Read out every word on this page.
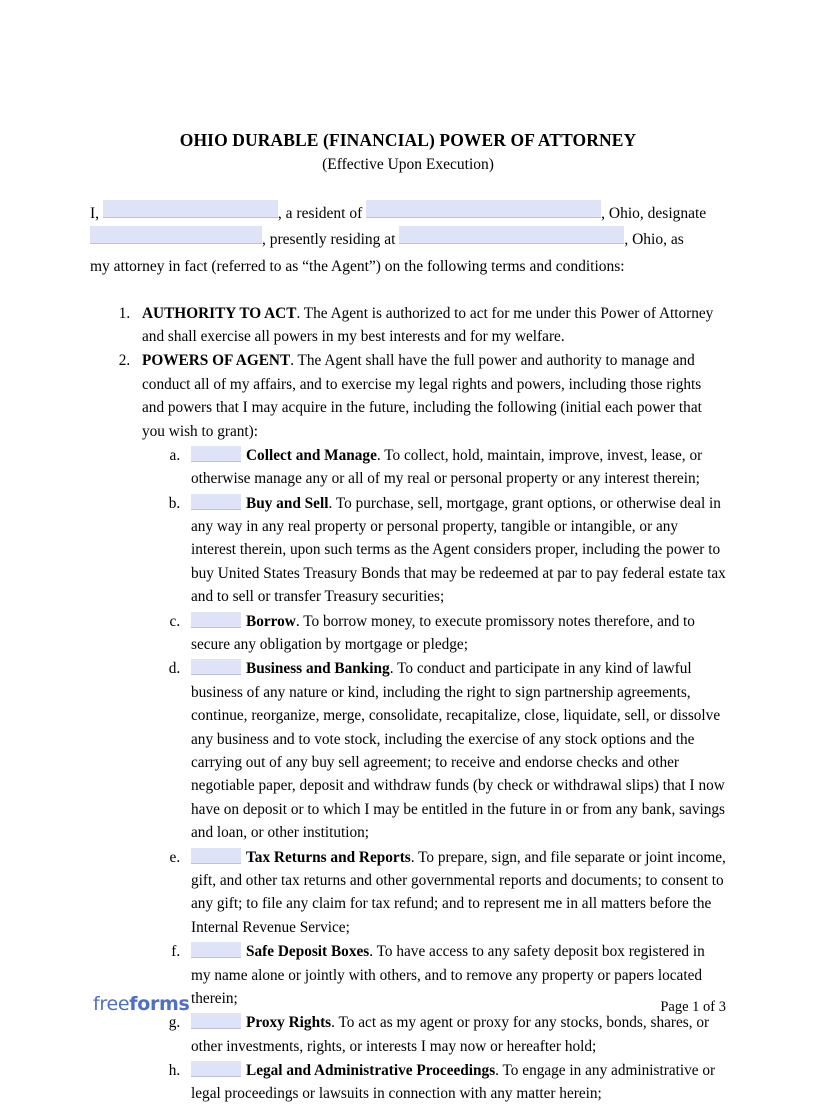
OHIO DURABLE (FINANCIAL) POWER OF ATTORNEY

(Effective Upon Execution)

I,
	, a resident of
	, Ohio, designate
, presently residing at
	, Ohio, as
my attorney in fact (referred to as “the Agent”) on the following terms and conditions:
1. AUTHORITY TO ACT. The Agent is authorized to act for me under this Power of Attorney and shall exercise all powers in my best interests and for my welfare.
2. POWERS OF AGENT. The Agent shall have the full power and authority to manage and conduct all of my affairs, and to exercise my legal rights and powers, including those rights and powers that I may acquire in the future, including the following (initial each power that you wish to grant):
a. Collect and Manage. To collect, hold, maintain, improve, invest, lease, or otherwise manage any or all of my real or personal property or any interest therein;
b. Buy and Sell. To purchase, sell, mortgage, grant options, or otherwise deal in any way in any real property or personal property, tangible or intangible, or any interest therein, upon such terms as the Agent considers proper, including the power to buy United States Treasury Bonds that may be redeemed at par to pay federal estate tax and to sell or transfer Treasury securities;
c. Borrow. To borrow money, to execute promissory notes therefore, and to secure any obligation by mortgage or pledge;
d. Business and Banking. To conduct and participate in any kind of lawful business of any nature or kind, including the right to sign partnership agreements, continue, reorganize, merge, consolidate, recapitalize, close, liquidate, sell, or dissolve any business and to vote stock, including the exercise of any stock options and the carrying out of any buy sell agreement; to receive and endorse checks and other negotiable paper, deposit and withdraw funds (by check or withdrawal slips) that I now have on deposit or to which I may be entitled in the future in or from any bank, savings and loan, or other institution;
e. Tax Returns and Reports. To prepare, sign, and file separate or joint income, gift, and other tax returns and other governmental reports and documents; to consent to any gift; to file any claim for tax refund; and to represent me in all matters before the Internal Revenue Service;
f. Safe Deposit Boxes. To have access to any safety deposit box registered in my name alone or jointly with others, and to remove any property or papers located therein;
g. Proxy Rights. To act as my agent or proxy for any stocks, bonds, shares, or other investments, rights, or interests I may now or hereafter hold;
h. Legal and Administrative Proceedings. To engage in any administrative or legal proceedings or lawsuits in connection with any matter herein;
freeforms	Page 1 of 3
